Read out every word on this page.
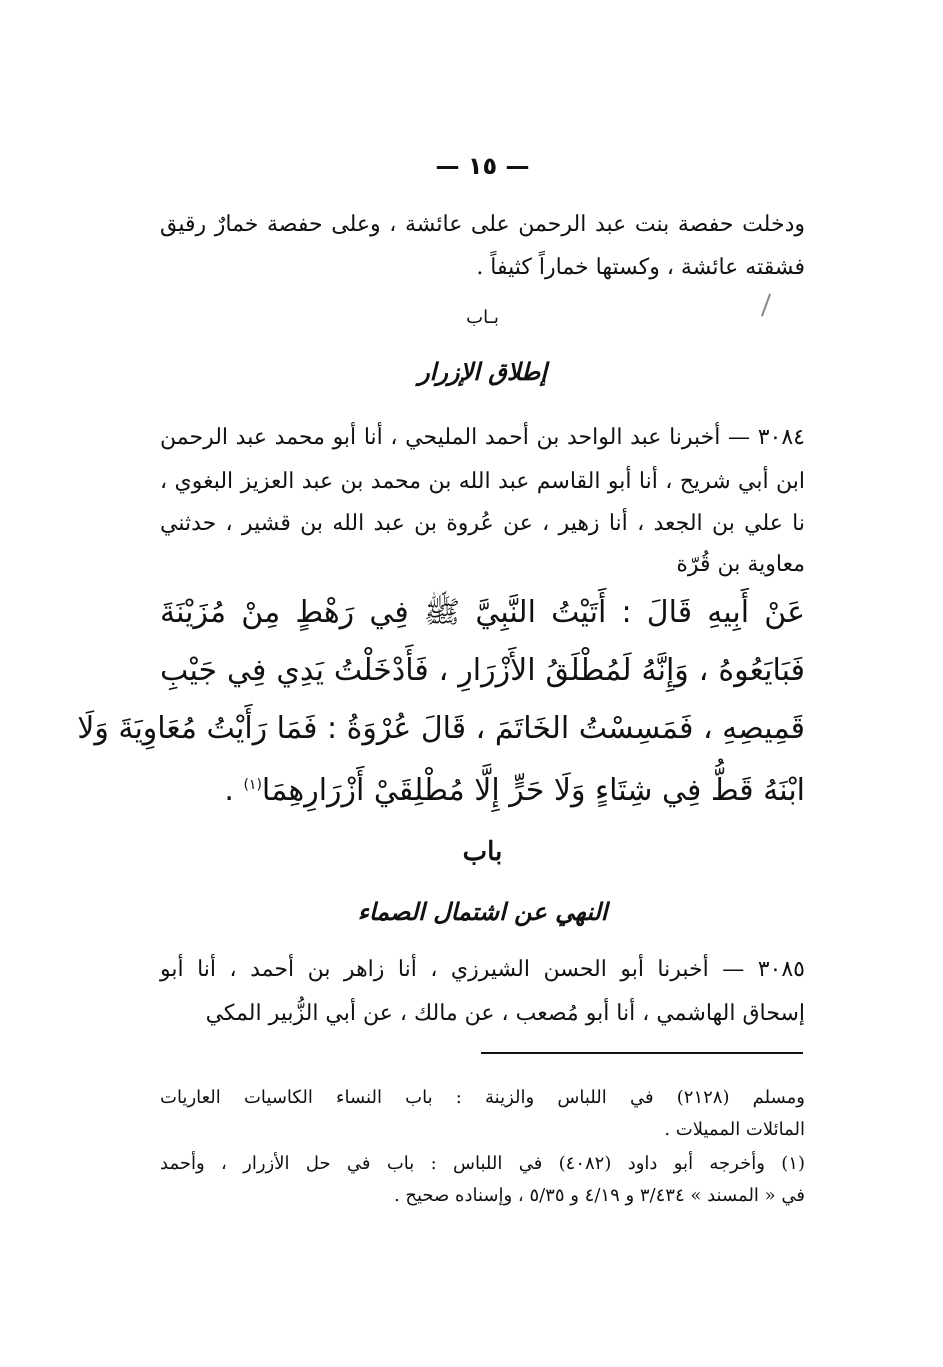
— ١٥ —
ودخلت حفصة بنت عبد الرحمن على عائشة ، وعلى حفصة خمارٌ رقيق
فشقته عائشة ، وكستها خماراً كثيفاً .
بـاب
إطلاق الإزرار
٣٠٨٤ — أخبرنا عبد الواحد بن أحمد المليحي ، أنا أبو محمد عبد الرحمن
ابن أبي شريح ، أنا أبو القاسم عبد الله بن محمد بن عبد العزيز البغوي ،
نا علي بن الجعد ، أنا زهير ، عن عُروة بن عبد الله بن قشير ، حدثني
معاوية بن قُرّة
عَنْ أَبِيهِ قَالَ : أَتَيْتُ النَّبِيَّ ﷺ فِي رَهْطٍ مِنْ مُزَيْنَةَ
فَبَايَعُوهُ ، وَإِنَّهُ لَمُطْلَقُ الأَزْرَارِ ، فَأَدْخَلْتُ يَدِي فِي جَيْبِ
قَمِيصِهِ ، فَمَسِسْتُ الخَاتَمَ ، قَالَ عُرْوَةُ : فَمَا رَأَيْتُ مُعَاوِيَةَ وَلَا
ابْنَهُ قَطُّ فِي شِتَاءٍ وَلَا حَرٍّ إِلَّا مُطْلِقَيْ أَزْرَارِهِمَا$^{(١)}$ .
باب
النهي عن اشتمال الصماء
٣٠٨٥ — أخبرنا أبو الحسن الشيرزي ، أنا زاهر بن أحمد ، أنا أبو
إسحاق الهاشمي ، أنا أبو مُصعب ، عن مالك ، عن أبي الزُّبير المكي
ومسلم (٢١٢٨) في اللباس والزينة : باب النساء الكاسيات العاريات
المائلات المميلات .
(١) وأخرجه أبو داود (٤٠٨٢) في اللباس : باب في حل الأزرار ، وأحمد
في « المسند » ٣/٤٣٤ و ٤/١٩ و ٥/٣٥ ، وإسناده صحيح .
